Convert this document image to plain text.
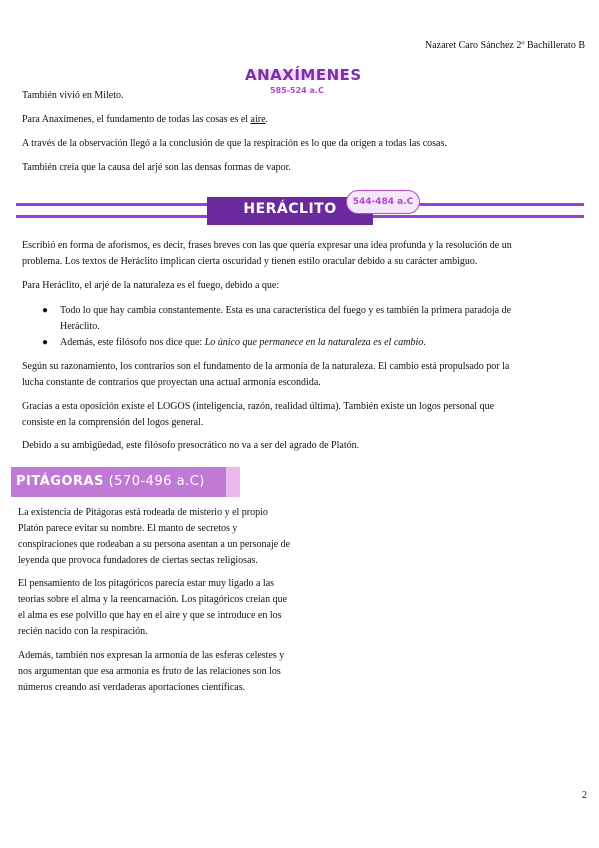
Nazaret Caro Sánchez 2º Bachillerato B
ANAXÍMENES
585-524 a.C
También vivió en Mileto.
Para Anaxímenes, el fundamento de todas las cosas es el aire.
A través de la observación llegó a la conclusión de que la respiración es lo que da origen a todas las cosas.
También creía que la causa del arjé son las densas formas de vapor.
HERÁCLITO	544-484 a.C
Escribió en forma de aforismos, es decir, frases breves con las que quería expresar una idea profunda y la resolución de un
problema. Los textos de Heráclito implican cierta oscuridad y tienen estilo oracular debido a su carácter ambiguo.
Para Heráclito, el arjé de la naturaleza es el fuego, debido a que:
● Todo lo que hay cambia constantemente. Esta es una característica del fuego y es también la primera paradoja de
Heráclito.
● Además, este filósofo nos dice que: Lo único que permanece en la naturaleza es el cambio.
Según su razonamiento, los contrarios son el fundamento de la armonía de la naturaleza. El cambio está propulsado por la
lucha constante de contrarios que proyectan una actual armonía escondida.
Gracias a esta oposición existe el LOGOS (inteligencia, razón, realidad última). También existe un logos personal que
consiste en la comprensión del logos general.
Debido a su ambigüedad, este filósofo presocrático no va a ser del agrado de Platón.
PITÁGORAS (570-496 a.C)
La existencia de Pitágoras está rodeada de misterio y el propio
Platón parece evitar su nombre. El manto de secretos y
conspiraciones que rodeaban a su persona asentan a un personaje de
leyenda que provoca fundadores de ciertas sectas religiosas.
El pensamiento de los pitagóricos parecía estar muy ligado a las
teorías sobre el alma y la reencarnación. Los pitagóricos creían que
el alma es ese polvillo que hay en el aire y que se introduce en los
recién nacido con la respiración.
Además, también nos expresan la armonía de las esferas celestes y
nos argumentan que esa armonía es fruto de las relaciones son los
números creando así verdaderas aportaciones científicas.
2
